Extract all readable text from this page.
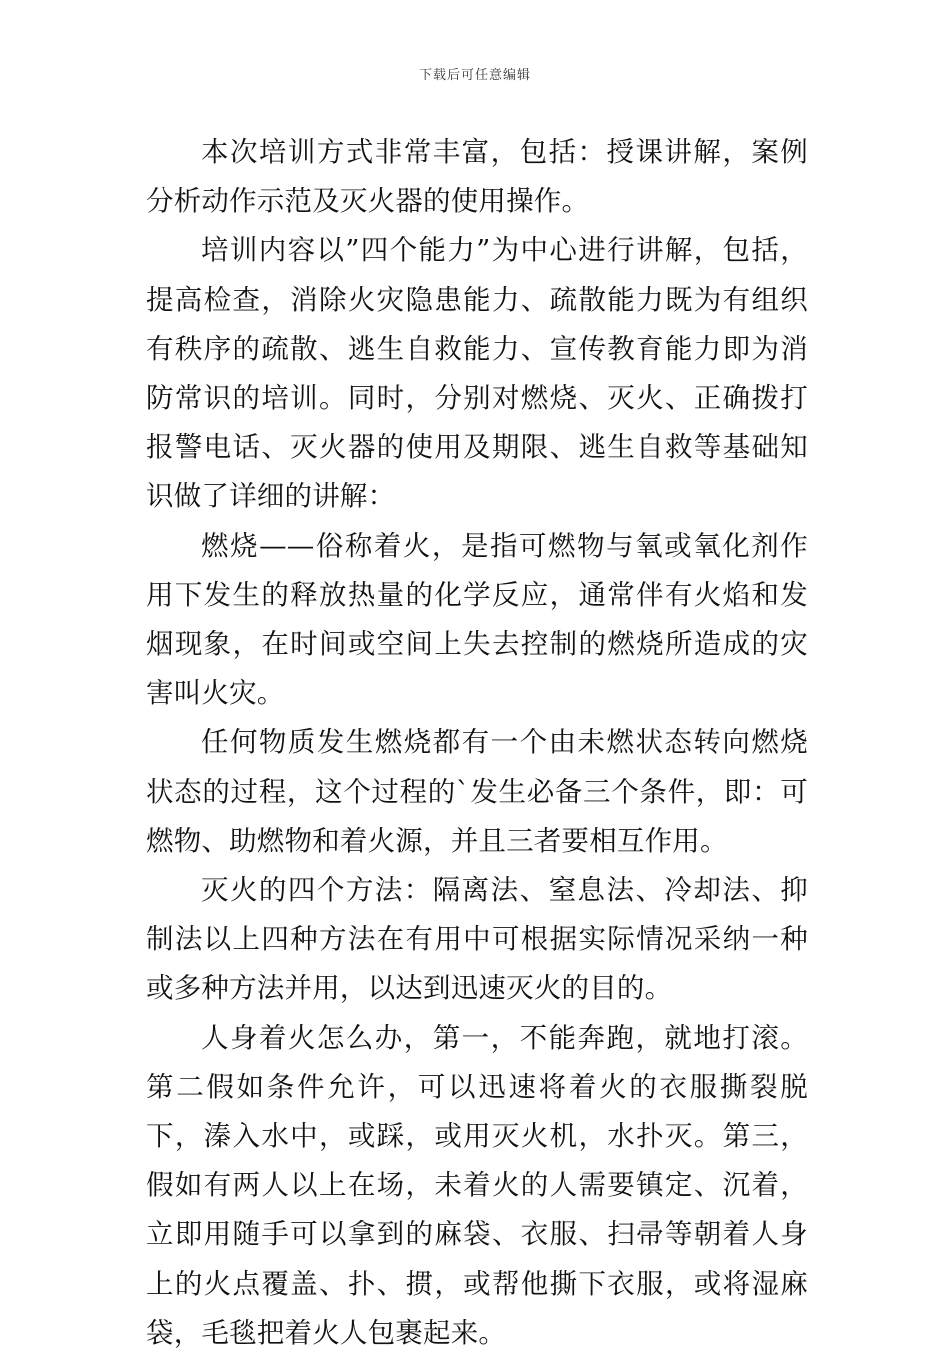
下载后可任意编辑

本次培训方式非常丰富，包括：授课讲解，案例分析动作示范及灭火器的使用操作。

培训内容以”四个能力”为中心进行讲解，包括，提高检查，消除火灾隐患能力、疏散能力既为有组织有秩序的疏散、逃生自救能力、宣传教育能力即为消防常识的培训。同时，分别对燃烧、灭火、正确拨打报警电话、灭火器的使用及期限、逃生自救等基础知识做了详细的讲解：

燃烧——俗称着火，是指可燃物与氧或氧化剂作用下发生的释放热量的化学反应，通常伴有火焰和发烟现象，在时间或空间上失去控制的燃烧所造成的灾害叫火灾。

任何物质发生燃烧都有一个由未燃状态转向燃烧状态的过程，这个过程的`发生必备三个条件，即：可燃物、助燃物和着火源，并且三者要相互作用。

灭火的四个方法：隔离法、窒息法、冷却法、抑制法以上四种方法在有用中可根据实际情况采纳一种或多种方法并用，以达到迅速灭火的目的。

人身着火怎么办，第一，不能奔跑，就地打滚。第二假如条件允许，可以迅速将着火的衣服撕裂脱下，溱入水中，或踩，或用灭火机，水扑灭。第三，假如有两人以上在场，未着火的人需要镇定、沉着，立即用随手可以拿到的麻袋、衣服、扫帚等朝着人身上的火点覆盖、扑、掼，或帮他撕下衣服，或将湿麻袋，毛毯把着火人包裹起来。
